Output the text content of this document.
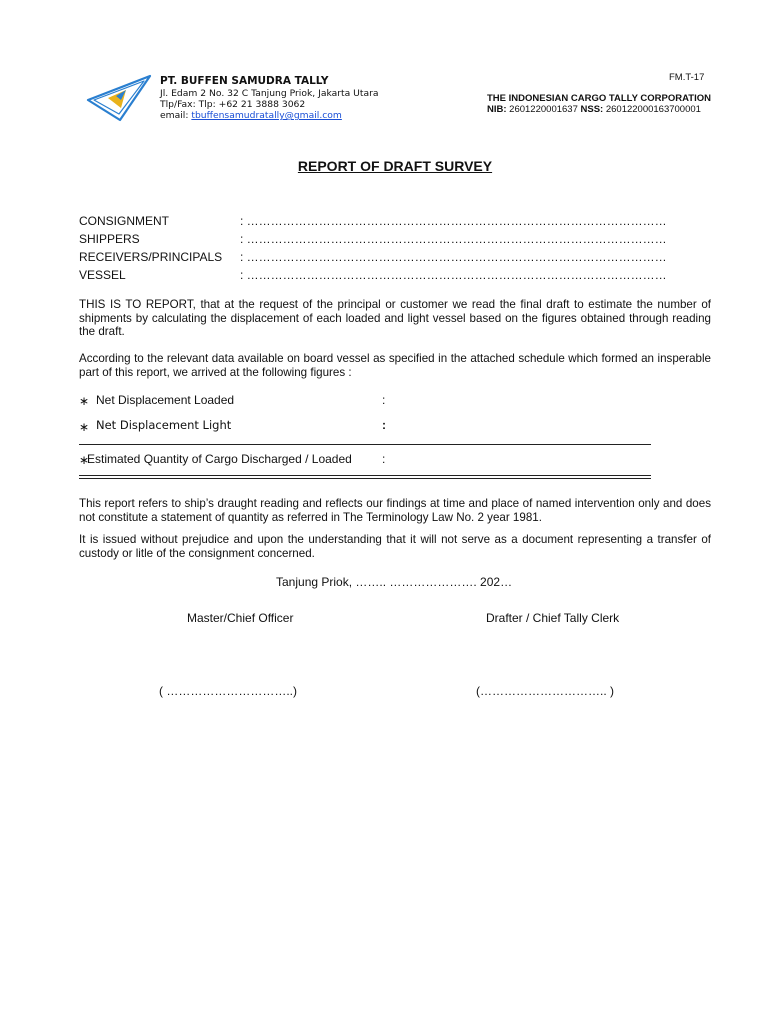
PT. BUFFEN SAMUDRA TALLY
Jl. Edam 2 No. 32 C Tanjung Priok, Jakarta Utara
Tlp/Fax: Tlp: +62 21 3888 3062
email: tbuffensamudratally@gmail.com
FM.T-17
THE INDONESIAN CARGO TALLY CORPORATION
NIB: 2601220001637 NSS: 260122000163700001
REPORT OF DRAFT SURVEY
CONSIGNMENT	: ……………………………………………………………………………………………
SHIPPERS	: ……………………………………………………………………………………………
RECEIVERS/PRINCIPALS : ……………………………………………………………………………………………
VESSEL	: ……………………………………………………………………………………………
THIS IS TO REPORT, that at the request of the principal or customer we read the final draft to estimate the number of shipments by calculating the displacement of each loaded and light vessel based on the figures obtained through reading the draft.
According to the relevant data available on board vessel as specified in the attached schedule which formed an insperable part of this report, we arrived at the following figures :
∗ Net Displacement Loaded	:
∗ Net Displacement Light	:
∗
Estimated Quantity of Cargo Discharged / Loaded	:
This report refers to ship’s draught reading and reflects our findings at time and place of named intervention only and does not constitute a statement of quantity as referred in The Terminology Law No. 2 year 1981.
It is issued without prejudice and upon the understanding that it will not serve as a document representing a transfer of custody or litle of the consignment concerned.
Tanjung Priok, …….. …………………. 202…
Master/Chief Officer	Drafter / Chief Tally Clerk
( …………………………..)	(………………………….. )
